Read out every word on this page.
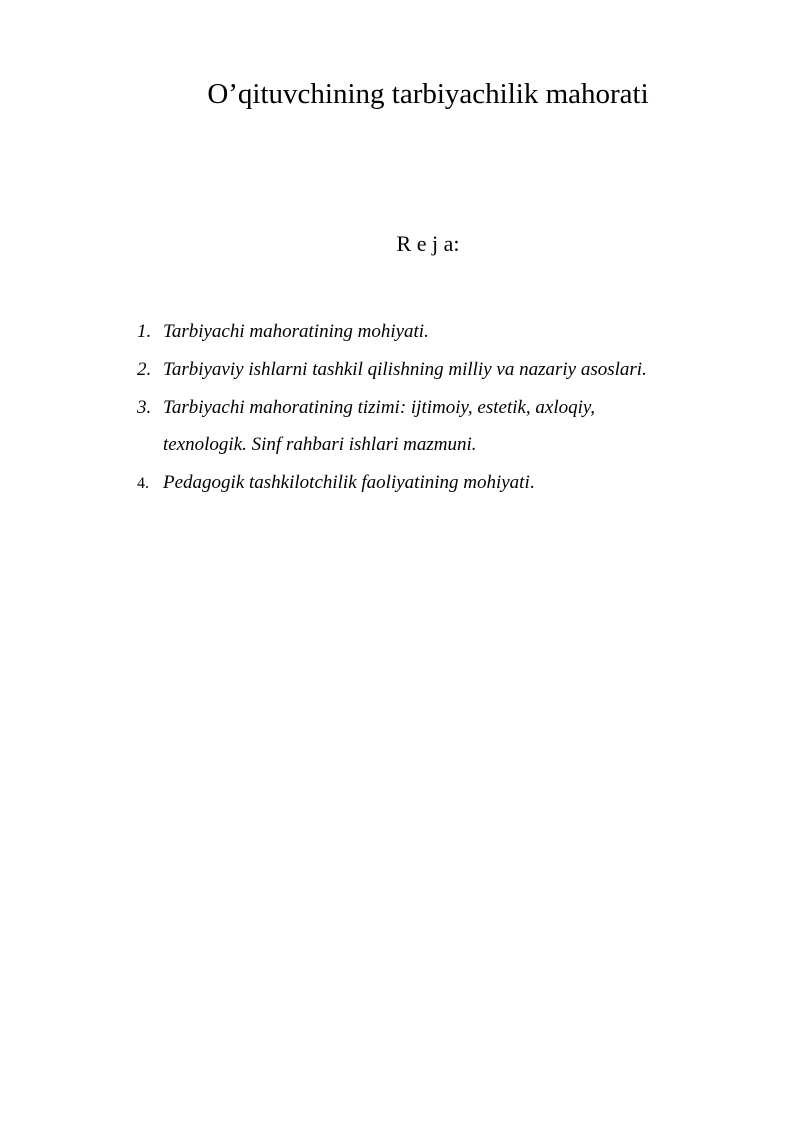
O’qituvchining tarbiyachilik mahorati
R e j a:
1. Tarbiyachi mahoratining mohiyati.
2. Tarbiyaviy ishlarni tashkil qilishning milliy va nazariy asoslari.
3. Tarbiyachi mahoratining tizimi: ijtimoiy, estetik, axloqiy,
texnologik. Sinf rahbari ishlari mazmuni.
4. Pedagogik tashkilotchilik faoliyatining mohiyati.
